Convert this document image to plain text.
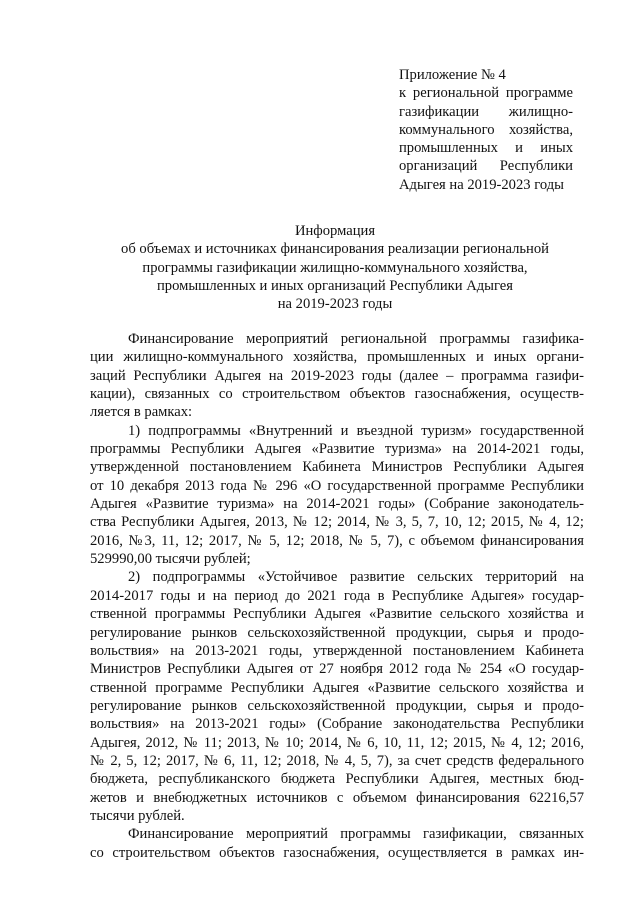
Приложение № 4
к региональной программе
газификации жилищно-
коммунального хозяйства,
промышленных и иных
организаций Республики
Адыгея на 2019-2023 годы
Информация
об объемах и источниках финансирования реализации региональной
программы газификации жилищно-коммунального хозяйства,
промышленных и иных организаций Республики Адыгея
на 2019-2023 годы
Финансирование мероприятий региональной программы газифика-
ции жилищно-коммунального хозяйства, промышленных и иных органи-
заций Республики Адыгея на 2019-2023 годы (далее – программа газифи-
кации), связанных со строительством объектов газоснабжения, осуществ-
ляется в рамках:
1) подпрограммы «Внутренний и въездной туризм» государственной
программы Республики Адыгея «Развитие туризма» на 2014-2021 годы,
утвержденной постановлением Кабинета Министров Республики Адыгея
от 10 декабря 2013 года № 296 «О государственной программе Республики
Адыгея «Развитие туризма» на 2014-2021 годы» (Собрание законодатель-
ства Республики Адыгея, 2013, № 12; 2014, № 3, 5, 7, 10, 12; 2015, № 4, 12;
2016, №3, 11, 12; 2017, № 5, 12; 2018, № 5, 7), с объемом финансирования
529990,00 тысячи рублей;
2) подпрограммы «Устойчивое развитие сельских территорий на
2014-2017 годы и на период до 2021 года в Республике Адыгея» государ-
ственной программы Республики Адыгея «Развитие сельского хозяйства и
регулирование рынков сельскохозяйственной продукции, сырья и продо-
вольствия» на 2013-2021 годы, утвержденной постановлением Кабинета
Министров Республики Адыгея от 27 ноября 2012 года № 254 «О государ-
ственной программе Республики Адыгея «Развитие сельского хозяйства и
регулирование рынков сельскохозяйственной продукции, сырья и продо-
вольствия» на 2013-2021 годы» (Собрание законодательства Республики
Адыгея, 2012, № 11; 2013, № 10; 2014, № 6, 10, 11, 12; 2015, № 4, 12; 2016,
№ 2, 5, 12; 2017, № 6, 11, 12; 2018, № 4, 5, 7), за счет средств федерального
бюджета, республиканского бюджета Республики Адыгея, местных бюд-
жетов и внебюджетных источников с объемом финансирования 62216,57
тысячи рублей.
Финансирование мероприятий программы газификации, связанных
со строительством объектов газоснабжения, осуществляется в рамках ин-
